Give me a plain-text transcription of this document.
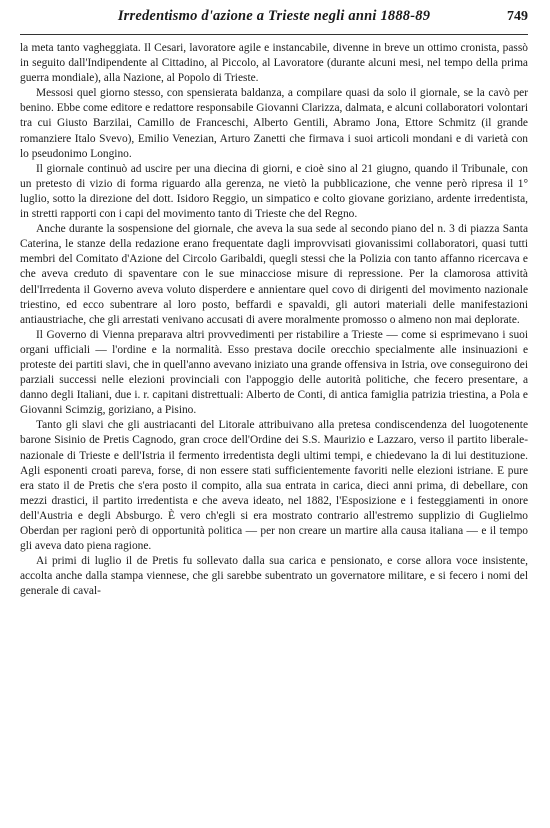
Irredentismo d'azione a Trieste negli anni 1888-89	749

la meta tanto vagheggiata. Il Cesari, lavoratore agile e instancabile, divenne in breve un ottimo cronista, passò in seguito dall'Indipendente al Cittadino, al Piccolo, al Lavoratore (durante alcuni mesi, nel tempo della prima guerra mondiale), alla Nazione, al Popolo di Trieste.

Messosi quel giorno stesso, con spensierata baldanza, a compilare quasi da solo il giornale, se la cavò per benino. Ebbe come editore e redattore responsabile Giovanni Clarizza, dalmata, e alcuni collaboratori volontari tra cui Giusto Barzilai, Camillo de Franceschi, Alberto Gentili, Abramo Jona, Ettore Schmitz (il grande romanziere Italo Svevo), Emilio Venezian, Arturo Zanetti che firmava i suoi articoli mondani e di varietà con lo pseudonimo Longino.

Il giornale continuò ad uscire per una diecina di giorni, e cioè sino al 21 giugno, quando il Tribunale, con un pretesto di vizio di forma riguardo alla gerenza, ne vietò la pubblicazione, che venne però ripresa il 1° luglio, sotto la direzione del dott. Isidoro Reggio, un simpatico e colto giovane goriziano, ardente irredentista, in stretti rapporti con i capi del movimento tanto di Trieste che del Regno.

Anche durante la sospensione del giornale, che aveva la sua sede al secondo piano del n. 3 di piazza Santa Caterina, le stanze della redazione erano frequentate dagli improvvisati giovanissimi collaboratori, quasi tutti membri del Comitato d'Azione del Circolo Garibaldi, quegli stessi che la Polizia con tanto affanno ricercava e che aveva creduto di spaventare con le sue minacciose misure di repressione. Per la clamorosa attività dell'Irredenta il Governo aveva voluto disperdere e annientare quel covo di dirigenti del movimento nazionale triestino, ed ecco subentrare al loro posto, beffardi e spavaldi, gli autori materiali delle manifestazioni antiaustriache, che gli arrestati venivano accusati di avere moralmente promosso o almeno non mai deplorate.

Il Governo di Vienna preparava altri provvedimenti per ristabilire a Trieste — come si esprimevano i suoi organi ufficiali — l'ordine e la normalità. Esso prestava docile orecchio specialmente alle insinuazioni e proteste dei partiti slavi, che in quell'anno avevano iniziato una grande offensiva in Istria, ove conseguirono dei parziali successi nelle elezioni provinciali con l'appoggio delle autorità politiche, che fecero presentare, a danno degli Italiani, due i. r. capitani distrettuali: Alberto de Conti, di antica famiglia patrizia triestina, a Pola e Giovanni Scimzig, goriziano, a Pisino.

Tanto gli slavi che gli austriacanti del Litorale attribuivano alla pretesa condiscendenza del luogotenente barone Sisinio de Pretis Cagnodo, gran croce dell'Ordine dei S.S. Maurizio e Lazzaro, verso il partito liberale-nazionale di Trieste e dell'Istria il fermento irredentista degli ultimi tempi, e chiedevano la di lui destituzione. Agli esponenti croati pareva, forse, di non essere stati sufficientemente favoriti nelle elezioni istriane. E pure era stato il de Pretis che s'era posto il compito, alla sua entrata in carica, dieci anni prima, di debellare, con mezzi drastici, il partito irredentista e che aveva ideato, nel 1882, l'Esposizione e i festeggiamenti in onore dell'Austria e degli Absburgo. È vero ch'egli si era mostrato contrario all'estremo supplizio di Guglielmo Oberdan per ragioni però di opportunità politica — per non creare un martire alla causa italiana — e il tempo gli aveva dato piena ragione.

Ai primi di luglio il de Pretis fu sollevato dalla sua carica e pensionato, e corse allora voce insistente, accolta anche dalla stampa viennese, che gli sarebbe subentrato un governatore militare, e si fecero i nomi del generale di caval-
